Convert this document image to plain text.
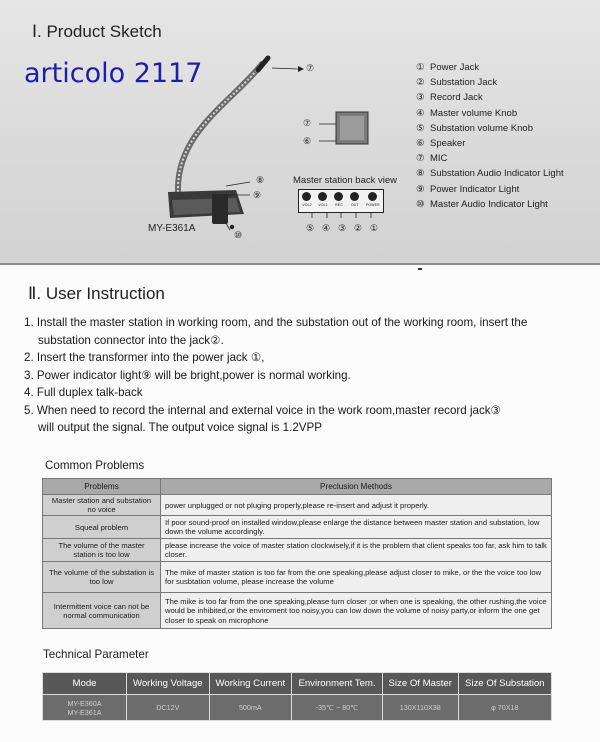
Ⅰ. Product Sketch
articolo 2117	⑦
⑦
⑥
⑧
⑨
⑩
MY-E361A
Master station back view
VOL2 VOL1 REC OUT POWER
⑤ ④ ③ ② ①
① Power Jack
② Substation Jack
③ Record Jack
④ Master volume Knob
⑤ Substation volume Knob
⑥ Speaker
⑦ MIC
⑧ Substation Audio Indicator Light
⑨ Power Indicator Light
⑩ Master Audio Indicator Light
Ⅱ. User Instruction

1. Install the master station in working room, and the substation out of the working room, insert the

substation connector into the jack②.

2. Insert the transformer into the power jack ①,

3. Power indicator light⑨ will be bright,power is normal working.

4. Full duplex talk-back

5. When need to record the internal and external voice in the work room,master record jack③

will output the signal. The output voice signal is 1.2VPP

Common Problems
Problems	Preclusion Methods
Master station and substation no voice	power unplugged or not pluging properly,please re-insert and adjust it properly.
Squeal problem	If poor sound-proof on installed window,please enlarge the distance between master station and substation, low down the volume accordingly.
The volume of the master station is too low	please increase the voice of master station clockwisely,if it is the problem that client speaks too far, ask him to talk closer.
The volume of the substation is too low	The mike of master station is too far from the one speaking,please adjust closer to mike, or the the voice too low for susbtation volume, please increase the volume
Intermittent voice can not be normal communication	The mike is too far from the one speaking,please turn closer ;or when one is speaking, the other rushing,the voice would be inhibited,or the enviroment too noisy,you can low down the volume of noisy party,or inform the one get closer to speak on microphone
Technical Parameter
Mode	Working Voltage	Working Current	Environment Tem.	Size Of Master	Size Of Substation

MY-E360A
MY-E361A	DC12V	500mA	-35℃ ~ 80℃	130X110X38	φ 70X18
